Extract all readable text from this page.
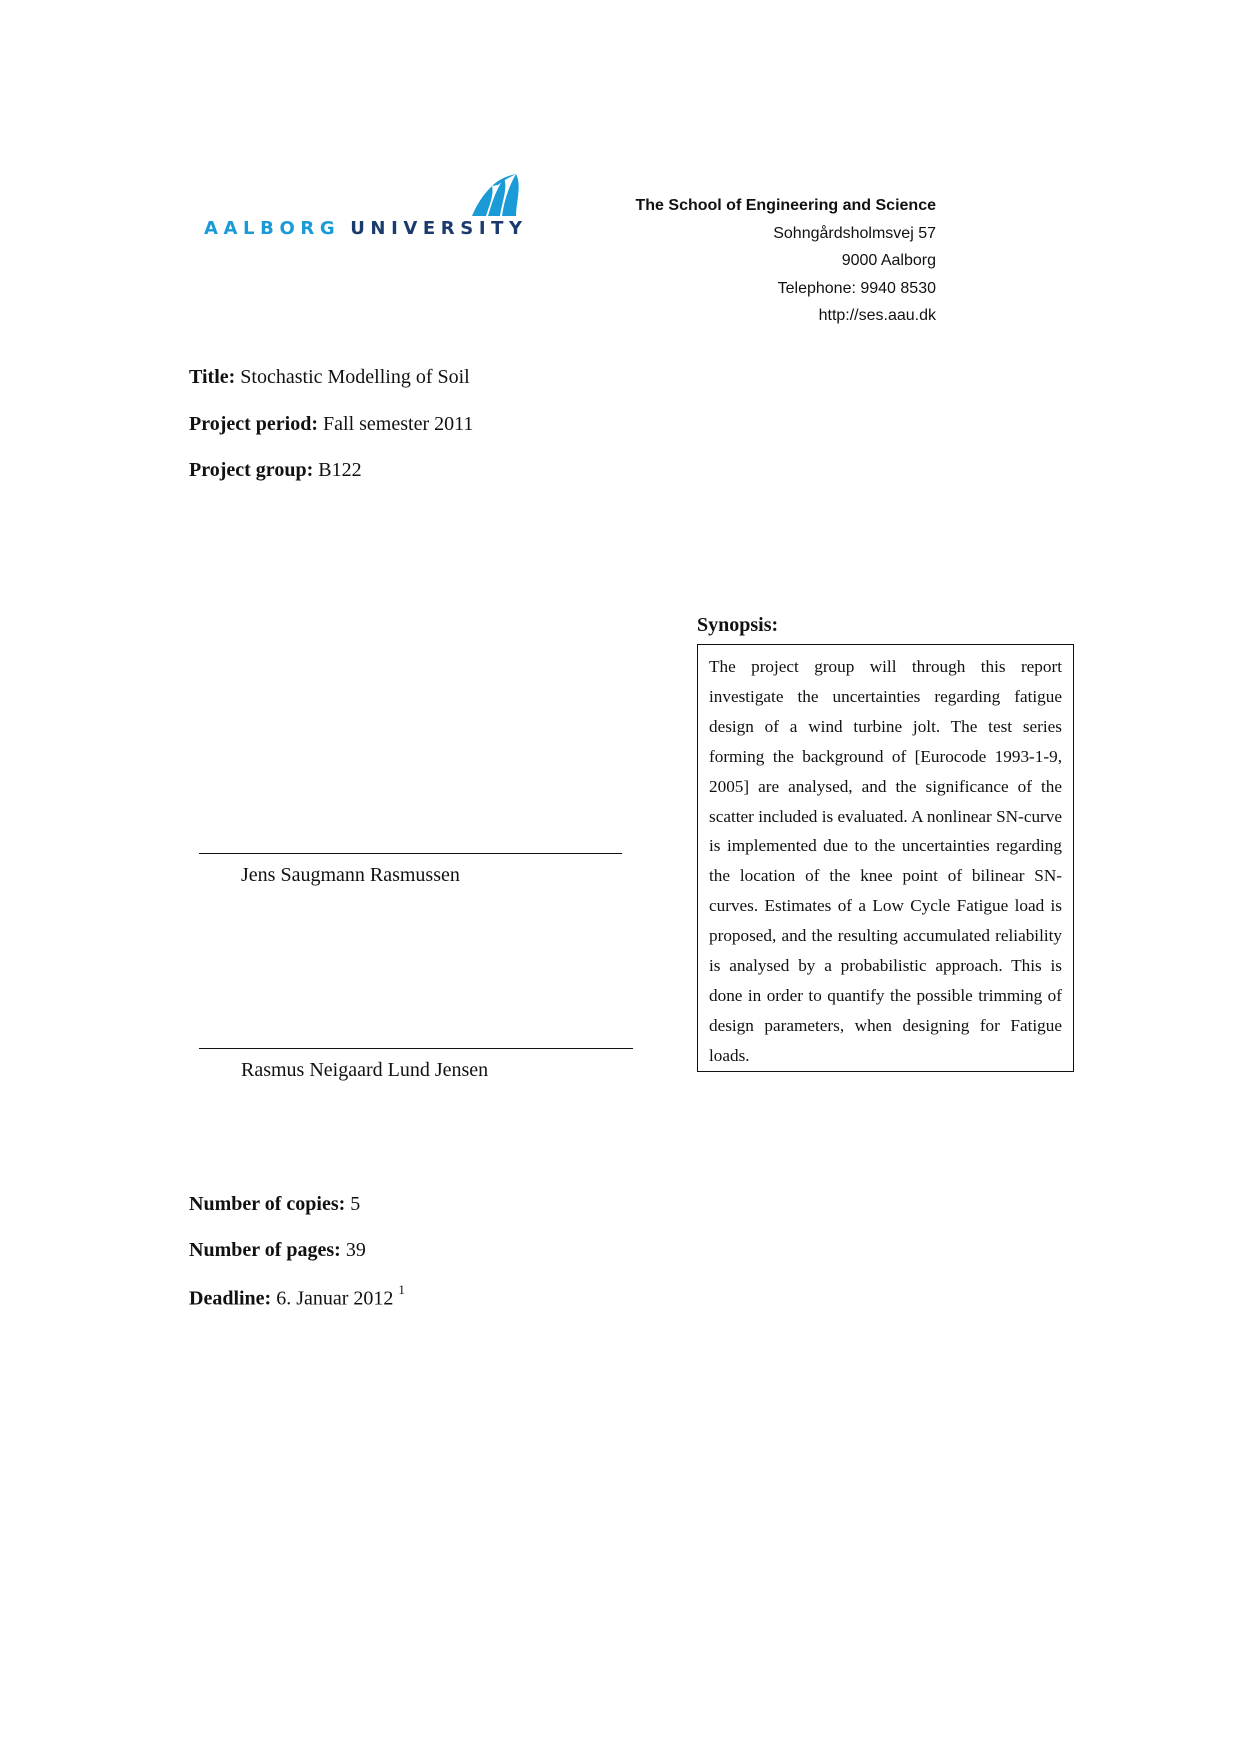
AALBORG UNIVERSITY
The School of Engineering and Science
Sohngårdsholmsvej 57
9000 Aalborg
Telephone: 9940 8530
http://ses.aau.dk
Title: Stochastic Modelling of Soil
Project period: Fall semester 2011
Project group: B122
Jens Saugmann Rasmussen
Rasmus Neigaard Lund Jensen
Synopsis:

The project group will through this report investigate the uncertainties regarding fatigue design of a wind turbine jolt. The test series forming the background of [Eurocode 1993-1-9, 2005] are analysed, and the significance of the scatter included is evaluated. A nonlinear SN-curve is implemented due to the uncertainties regarding the location of the knee point of bilinear SN-curves. Estimates of a Low Cycle Fatigue load is proposed, and the resulting accumulated reliability is analysed by a probabilistic approach. This is done in order to quantify the possible trimming of design parameters, when designing for Fatigue loads.

Number of copies: 5
Number of pages: 39
Deadline: 6. Januar 2012 $^1$
